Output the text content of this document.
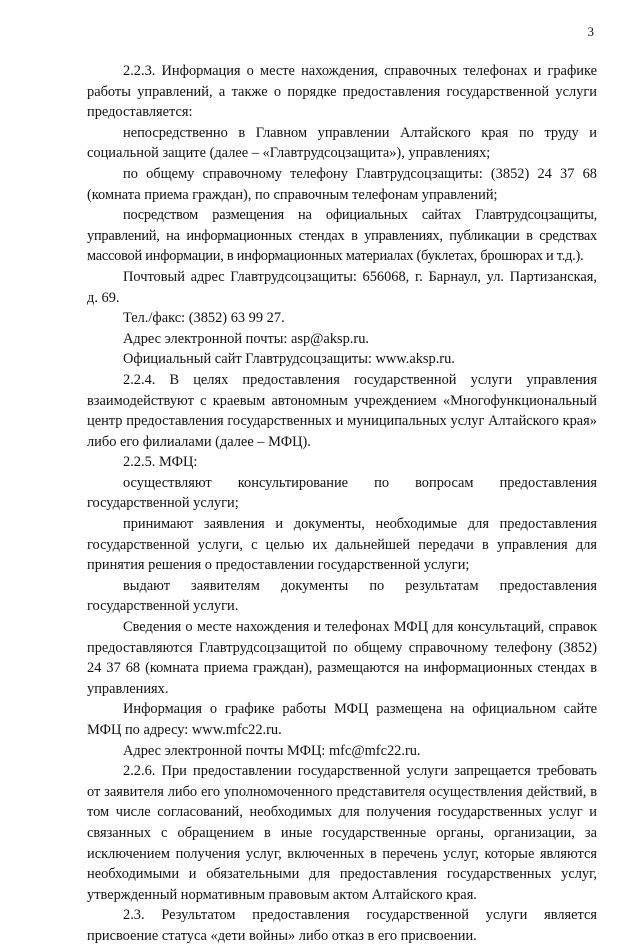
3

2.2.3. Информация о месте нахождения, справочных телефонах и графике работы управлений, а также о порядке предоставления государственной услуги предоставляется:

непосредственно в Главном управлении Алтайского края по труду и социальной защите (далее – «Главтрудсоцзащита»), управлениях;

по общему справочному телефону Главтрудсоцзащиты: (3852) 24 37 68 (комната приема граждан), по справочным телефонам управлений;

посредством размещения на официальных сайтах Главтрудсоцзащиты, управлений, на информационных стендах в управлениях, публикации в средствах массовой информации, в информационных материалах (буклетах, брошюрах и т.д.).

Почтовый адрес Главтрудсоцзащиты: 656068, г. Барнаул, ул. Партизанская, д. 69.

Тел./факс: (3852) 63 99 27.

Адрес электронной почты: asp@aksp.ru.

Официальный сайт Главтрудсоцзащиты: www.aksp.ru.

2.2.4. В целях предоставления государственной услуги управления взаимодействуют с краевым автономным учреждением «Многофункциональный центр предоставления государственных и муниципальных услуг Алтайского края» либо его филиалами (далее – МФЦ).

2.2.5. МФЦ:

осуществляют консультирование по вопросам предоставления государственной услуги;

принимают заявления и документы, необходимые для предоставления государственной услуги, с целью их дальнейшей передачи в управления для принятия решения о предоставлении государственной услуги;

выдают заявителям документы по результатам предоставления государственной услуги.

Сведения о месте нахождения и телефонах МФЦ для консультаций, справок предоставляются Главтрудсоцзащитой по общему справочному телефону (3852) 24 37 68 (комната приема граждан), размещаются на информационных стендах в управлениях.

Информация о графике работы МФЦ размещена на официальном сайте МФЦ по адресу: www.mfc22.ru.

Адрес электронной почты МФЦ: mfc@mfc22.ru.

2.2.6. При предоставлении государственной услуги запрещается требовать от заявителя либо его уполномоченного представителя осуществления действий, в том числе согласований, необходимых для получения государственных услуг и связанных с обращением в иные государственные органы, организации, за исключением получения услуг, включенных в перечень услуг, которые являются необходимыми и обязательными для предоставления государственных услуг, утвержденный нормативным правовым актом Алтайского края.

2.3. Результатом предоставления государственной услуги является присвоение статуса «дети войны» либо отказ в его присвоении.
